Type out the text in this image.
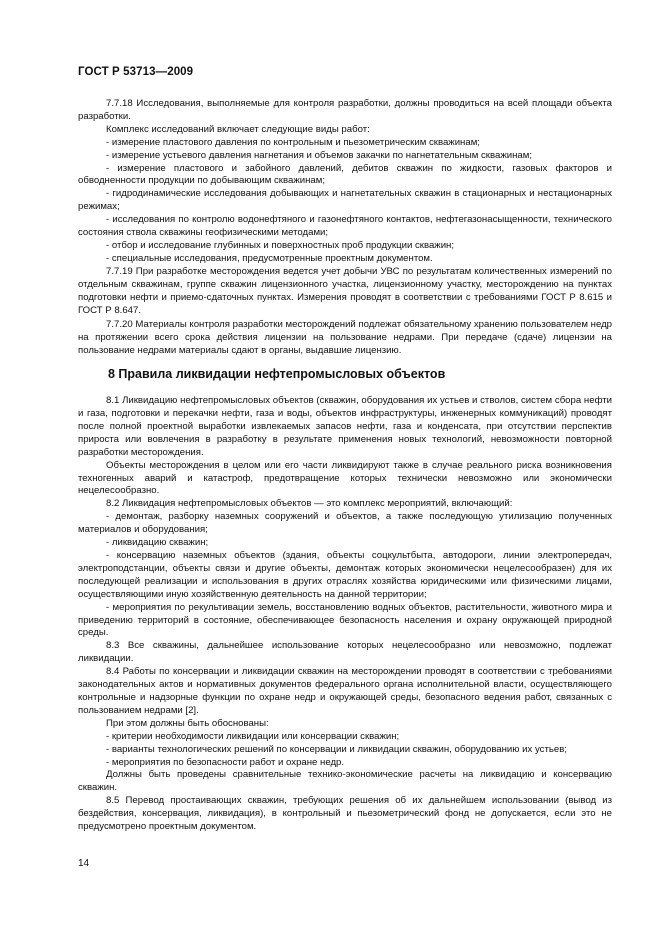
ГОСТ Р 53713—2009

7.7.18 Исследования, выполняемые для контроля разработки, должны проводиться на всей площади объекта разработки.

Комплекс исследований включает следующие виды работ:

- измерение пластового давления по контрольным и пьезометрическим скважинам;

- измерение устьевого давления нагнетания и объемов закачки по нагнетательным скважинам;

- измерение пластового и забойного давлений, дебитов скважин по жидкости, газовых факторов и обводненности продукции по добывающим скважинам;

- гидродинамические исследования добывающих и нагнетательных скважин в стационарных и нестационарных режимах;

- исследования по контролю водонефтяного и газонефтяного контактов, нефтегазонасыщенности, технического состояния ствола скважины геофизическими методами;

- отбор и исследование глубинных и поверхностных проб продукции скважин;

- специальные исследования, предусмотренные проектным документом.

7.7.19 При разработке месторождения ведется учет добычи УВС по результатам количественных измерений по отдельным скважинам, группе скважин лицензионного участка, лицензионному участку, месторождению на пунктах подготовки нефти и приемо-сдаточных пунктах. Измерения проводят в соответствии с требованиями ГОСТ Р 8.615 и ГОСТ Р 8.647.

7.7.20 Материалы контроля разработки месторождений подлежат обязательному хранению пользователем недр на протяжении всего срока действия лицензии на пользование недрами. При передаче (сдаче) лицензии на пользование недрами материалы сдают в органы, выдавшие лицензию.

8 Правила ликвидации нефтепромысловых объектов

8.1 Ликвидацию нефтепромысловых объектов (скважин, оборудования их устьев и стволов, систем сбора нефти и газа, подготовки и перекачки нефти, газа и воды, объектов инфраструктуры, инженерных коммуникаций) проводят после полной проектной выработки извлекаемых запасов нефти, газа и конденсата, при отсутствии перспектив прироста или вовлечения в разработку в результате применения новых технологий, невозможности повторной разработки месторождения.

Объекты месторождения в целом или его части ликвидируют также в случае реального риска возникновения техногенных аварий и катастроф, предотвращение которых технически невозможно или экономически нецелесообразно.

8.2 Ликвидация нефтепромысловых объектов — это комплекс мероприятий, включающий:

- демонтаж, разборку наземных сооружений и объектов, а также последующую утилизацию полученных материалов и оборудования;

- ликвидацию скважин;

- консервацию наземных объектов (здания, объекты соцкультбыта, автодороги, линии электропередач, электроподстанции, объекты связи и другие объекты, демонтаж которых экономически нецелесообразен) для их последующей реализации и использования в других отраслях хозяйства юридическими или физическими лицами, осуществляющими иную хозяйственную деятельность на данной территории;

- мероприятия по рекультивации земель, восстановлению водных объектов, растительности, животного мира и приведению территорий в состояние, обеспечивающее безопасность населения и охрану окружающей природной среды.

8.3 Все скважины, дальнейшее использование которых нецелесообразно или невозможно, подлежат ликвидации.

8.4 Работы по консервации и ликвидации скважин на месторождении проводят в соответствии с требованиями законодательных актов и нормативных документов федерального органа исполнительной власти, осуществляющего контрольные и надзорные функции по охране недр и окружающей среды, безопасного ведения работ, связанных с пользованием недрами [2].

При этом должны быть обоснованы:

- критерии необходимости ликвидации или консервации скважин;

- варианты технологических решений по консервации и ликвидации скважин, оборудованию их устьев;

- мероприятия по безопасности работ и охране недр.

Должны быть проведены сравнительные технико-экономические расчеты на ликвидацию и консервацию скважин.

8.5 Перевод простаивающих скважин, требующих решения об их дальнейшем использовании (вывод из бездействия, консервация, ликвидация), в контрольный и пьезометрический фонд не допускается, если это не предусмотрено проектным документом.

14
